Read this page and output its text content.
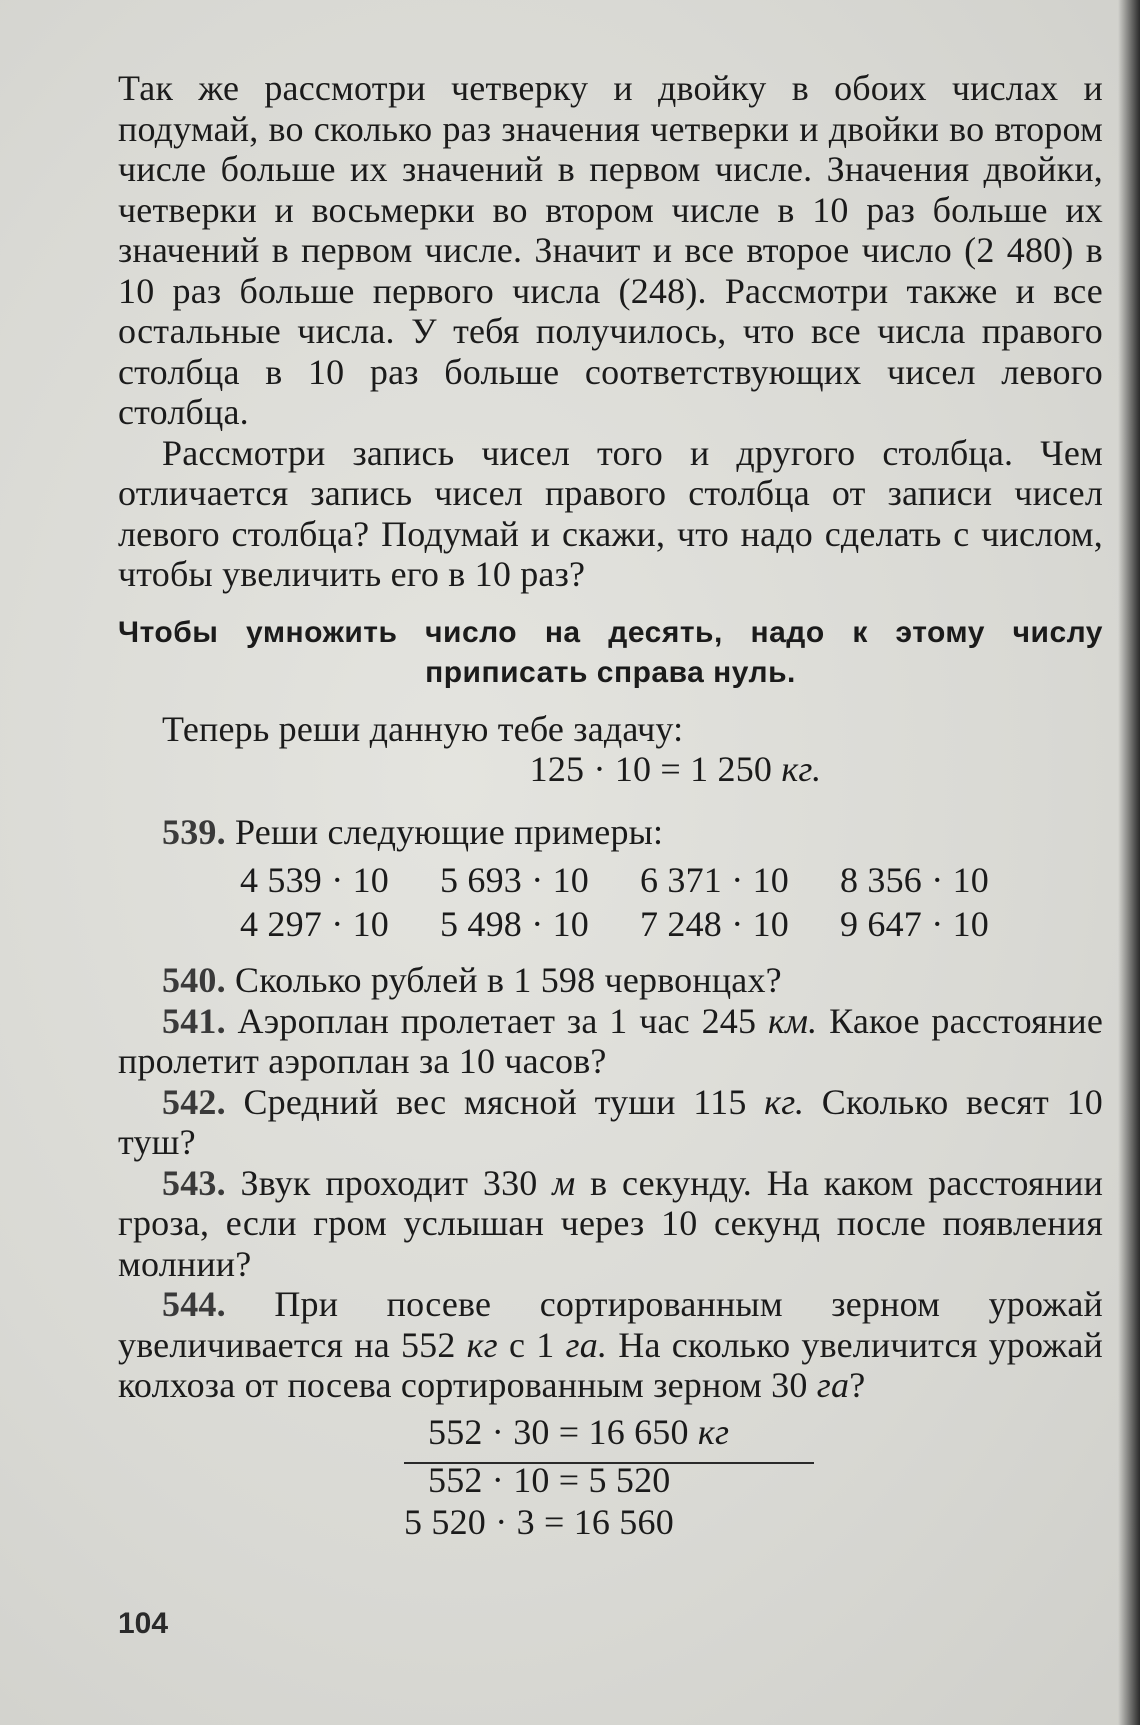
Так же рассмотри четверку и двойку в обоих числах и подумай, во сколько раз значения четверки и двойки во втором числе больше их значений в первом числе. Значения двойки, четверки и восьмерки во втором числе в 10 раз больше их значений в первом числе. Значит и все второе число (2 480) в 10 раз больше первого числа (248). Рассмотри также и все остальные числа. У тебя получилось, что все числа правого столбца в 10 раз больше соответствующих чисел левого столбца.

Рассмотри запись чисел того и другого столбца. Чем отличается запись чисел правого столбца от записи чисел левого столбца? Подумай и скажи, что надо сделать с числом, чтобы увеличить его в 10 раз?

Чтобы умножить число на десять, надо к этому числу
приписать справа нуль.

Теперь реши данную тебе задачу:

125 · 10 = 1 250 кг.

539. Реши следующие примеры:

4 539 · 10	5 693 · 10	6 371 · 10	8 356 · 10
4 297 · 10	5 498 · 10	7 248 · 10	9 647 · 10

540. Сколько рублей в 1 598 червонцах?

541. Аэроплан пролетает за 1 час 245 км. Какое расстояние пролетит аэроплан за 10 часов?

542. Средний вес мясной туши 115 кг. Сколько весят 10 туш?

543. Звук проходит 330 м в секунду. На каком расстоянии гроза, если гром услышан через 10 секунд после появления молнии?

544. При посеве сортированным зерном урожай увеличивается на 552 кг с 1 га. На сколько увеличится урожай колхоза от посева сортированным зерном 30 га?

552 · 30 = 16 650 кг
552 · 10 = 5 520
5 520 · 3 = 16 560
104
